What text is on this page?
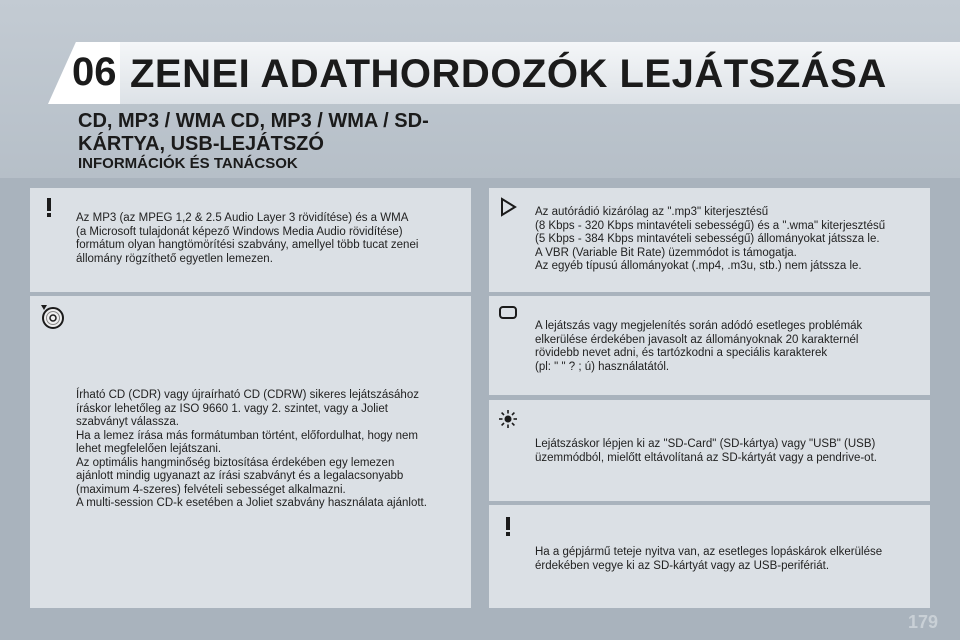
06 ZENEI ADATHORDOZÓK LEJÁTSZÁSA
CD, MP3 / WMA CD, MP3 / WMA / SD-KÁRTYA, USB-LEJÁTSZÓ
INFORMÁCIÓK ÉS TANÁCSOK
Az MP3 (az MPEG 1,2 & 2.5 Audio Layer 3 rövidítése) és a WMA
(a Microsoft tulajdonát képező Windows Media Audio rövidítése)
formátum olyan hangtömörítési szabvány, amellyel több tucat zenei
állomány rögzíthető egyetlen lemezen.
Írható CD (CDR) vagy újraírható CD (CDRW) sikeres lejátszásához
íráskor lehetőleg az ISO 9660 1. vagy 2. szintet, vagy a Joliet
szabványt válassza.
Ha a lemez írása más formátumban történt, előfordulhat, hogy nem
lehet megfelelően lejátszani.
Az optimális hangminőség biztosítása érdekében egy lemezen
ajánlott mindig ugyanazt az írási szabványt és a legalacsonyabb
(maximum 4-szeres) felvételi sebességet alkalmazni.
A multi-session CD-k esetében a Joliet szabvány használata ajánlott.
Az autórádió kizárólag az ".mp3" kiterjesztésű
(8 Kbps - 320 Kbps mintavételi sebességű) és a ".wma" kiterjesztésű
(5 Kbps - 384 Kbps mintavételi sebességű) állományokat játssza le.
A VBR (Variable Bit Rate) üzemmódot is támogatja.
Az egyéb típusú állományokat (.mp4, .m3u, stb.) nem játssza le.
A lejátszás vagy megjelenítés során adódó esetleges problémák
elkerülése érdekében javasolt az állományoknak 20 karakternél
rövidebb nevet adni, és tartózkodni a speciális karakterek
(pl: " " ? ; ú) használatától.
Lejátszáskor lépjen ki az "SD-Card" (SD-kártya) vagy "USB" (USB)
üzemmódból, mielőtt eltávolítaná az SD-kártyát vagy a pendrive-ot.
Ha a gépjármű teteje nyitva van, az esetleges lopáskárok elkerülése
érdekében vegye ki az SD-kártyát vagy az USB-perifériát.
179
